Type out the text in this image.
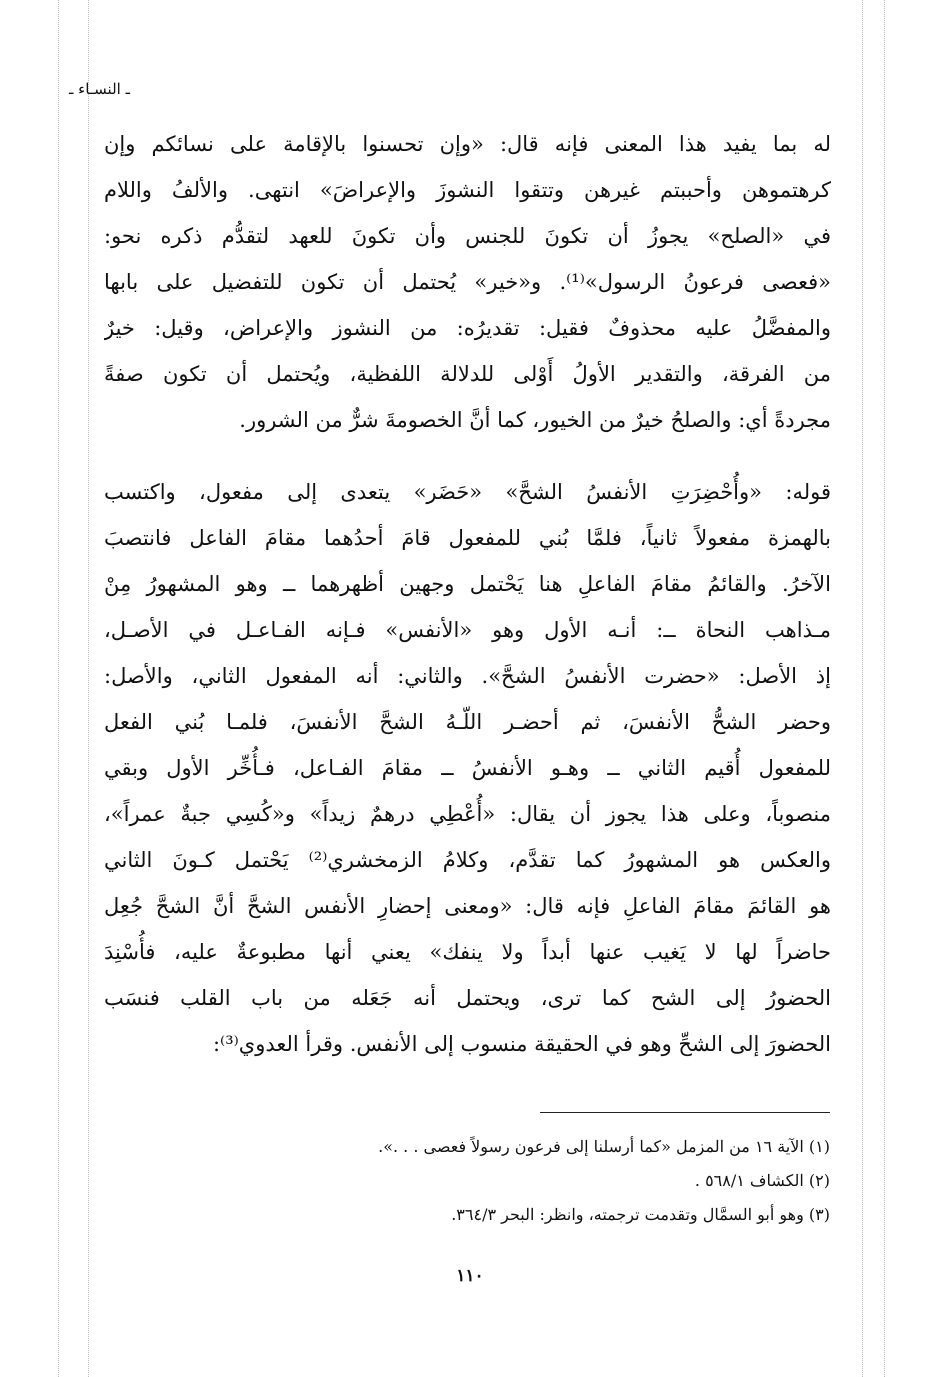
ـ النسـاء ـ
له بما يفيد هذا المعنى فإنه قال: «وإن تحسنوا بالإقامة على نسائكم وإن
كرهتموهن وأحببتم غيرهن وتتقوا النشوزَ والإعراضَ» انتهى. والألفُ واللام
في «الصلح» يجوزُ أن تكونَ للجنس وأن تكونَ للعهد لتقدُّم ذكره نحو:
«فعصى فرعونُ الرسول»⁽¹⁾. و«خير» يُحتمل أن تكون للتفضيل على بابها
والمفضَّلُ عليه محذوفٌ فقيل: تقديرُه: من النشوز والإعراض، وقيل: خيرٌ
من الفرقة، والتقدير الأولُ أَوْلى للدلالة اللفظية، ويُحتمل أن تكون صفةً
مجردةً أي: والصلحُ خيرٌ من الخيور، كما أنَّ الخصومةَ شرٌّ من الشرور.
قوله: «وأُحْضِرَتِ الأنفسُ الشحَّ» «حَضَر» يتعدى إلى مفعول، واكتسب
بالهمزة مفعولاً ثانياً، فلمَّا بُني للمفعول قامَ أحدُهما مقامَ الفاعل فانتصبَ
الآخرُ. والقائمُ مقامَ الفاعلِ هنا يَحْتمل وجهين أظهرهما ــ وهو المشهورُ مِنْ
مـذاهب النحاة ــ: أنـه الأول وهو «الأنفس» فـإنه الفـاعـل في الأصـل،
إذ الأصل: «حضرت الأنفسُ الشحَّ». والثاني: أنه المفعول الثاني، والأصل:
وحضر الشحُّ الأنفسَ، ثم أحضـر اللّـهُ الشحَّ الأنفسَ، فلمـا بُني الفعل
للمفعول أُقيم الثاني ــ وهـو الأنفسُ ــ مقامَ الفـاعل، فـأُخِّر الأول وبقي
منصوباً، وعلى هذا يجوز أن يقال: «أُعْطِي درهمٌ زيداً» و«كُسِي جبةٌ عمراً»،
والعكس هو المشهورُ كما تقدَّم، وكلامُ الزمخشري⁽²⁾ يَحْتمل كـونَ الثاني
هو القائمَ مقامَ الفاعلِ فإنه قال: «ومعنى إحضارِ الأنفس الشحَّ أنَّ الشحَّ جُعِل
حاضراً لها لا يَغيب عنها أبداً ولا ينفك» يعني أنها مطبوعةٌ عليه، فأُسْنِدَ
الحضورُ إلى الشح كما ترى، ويحتمل أنه جَعَله من باب القلب فنسَب
الحضورَ إلى الشحِّ وهو في الحقيقة منسوب إلى الأنفس. وقرأ العدوي⁽³⁾:
(١) الآية ١٦ من المزمل «كما أرسلنا إلى فرعون رسولاً فعصى . . .».
(٢) الكشاف ٥٦٨/١ .
(٣) وهو أبو السمَّال وتقدمت ترجمته، وانظر: البحر ٣٦٤/٣.
١١٠
